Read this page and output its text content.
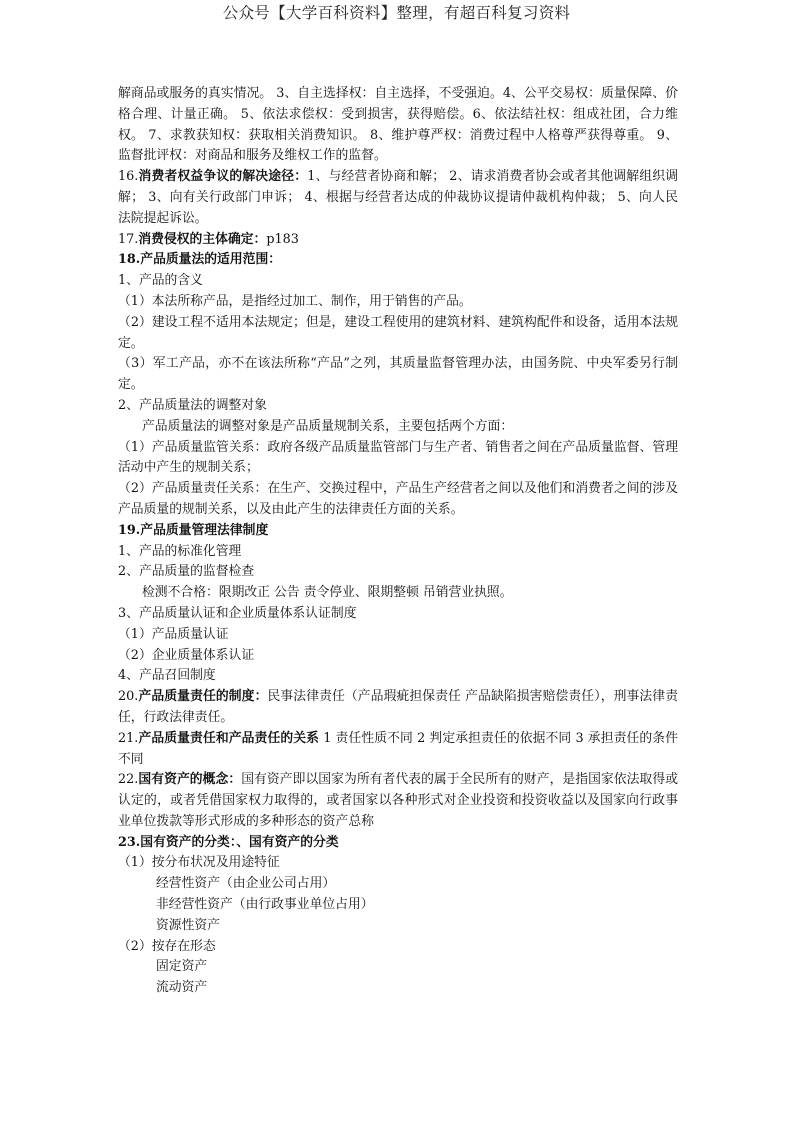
公众号【大学百科资料】整理，有超百科复习资料

解商品或服务的真实情况。 3、自主选择权：自主选择，不受强迫。4、公平交易权：质量保障、价格合理、计量正确。 5、依法求偿权：受到损害，获得赔偿。6、依法结社权：组成社团，合力维权。 7、求教获知权：获取相关消费知识。 8、维护尊严权：消费过程中人格尊严获得尊重。 9、监督批评权：对商品和服务及维权工作的监督。

16.消费者权益争议的解决途径：1、与经营者协商和解； 2、请求消费者协会或者其他调解组织调解； 3、向有关行政部门申诉； 4、根据与经营者达成的仲裁协议提请仲裁机构仲裁； 5、向人民法院提起诉讼。

17.消费侵权的主体确定：p183

18.产品质量法的适用范围：

1、产品的含义

（1）本法所称产品，是指经过加工、制作，用于销售的产品。

（2）建设工程不适用本法规定；但是，建设工程使用的建筑材料、建筑构配件和设备，适用本法规定。

（3）军工产品，亦不在该法所称“产品”之列，其质量监督管理办法，由国务院、中央军委另行制定。

2、产品质量法的调整对象

产品质量法的调整对象是产品质量规制关系，主要包括两个方面：

（1）产品质量监管关系：政府各级产品质量监管部门与生产者、销售者之间在产品质量监督、管理活动中产生的规制关系；

（2）产品质量责任关系：在生产、交换过程中，产品生产经营者之间以及他们和消费者之间的涉及产品质量的规制关系，以及由此产生的法律责任方面的关系。

19.产品质量管理法律制度

1、产品的标准化管理

2、产品质量的监督检查

检测不合格：限期改正 公告 责令停业、限期整顿 吊销营业执照。

3、产品质量认证和企业质量体系认证制度

（1）产品质量认证

（2）企业质量体系认证

4、产品召回制度

20.产品质量责任的制度：民事法律责任（产品瑕疵担保责任 产品缺陷损害赔偿责任），刑事法律责任，行政法律责任。

21.产品质量责任和产品责任的关系 1 责任性质不同 2 判定承担责任的依据不同 3 承担责任的条件不同

22.国有资产的概念：国有资产即以国家为所有者代表的属于全民所有的财产，是指国家依法取得或认定的，或者凭借国家权力取得的，或者国家以各种形式对企业投资和投资收益以及国家向行政事业单位拨款等形式形成的多种形态的资产总称

23.国有资产的分类：、国有资产的分类

（1）按分布状况及用途特征

经营性资产（由企业公司占用）

非经营性资产（由行政事业单位占用）

资源性资产

（2）按存在形态

固定资产

流动资产
